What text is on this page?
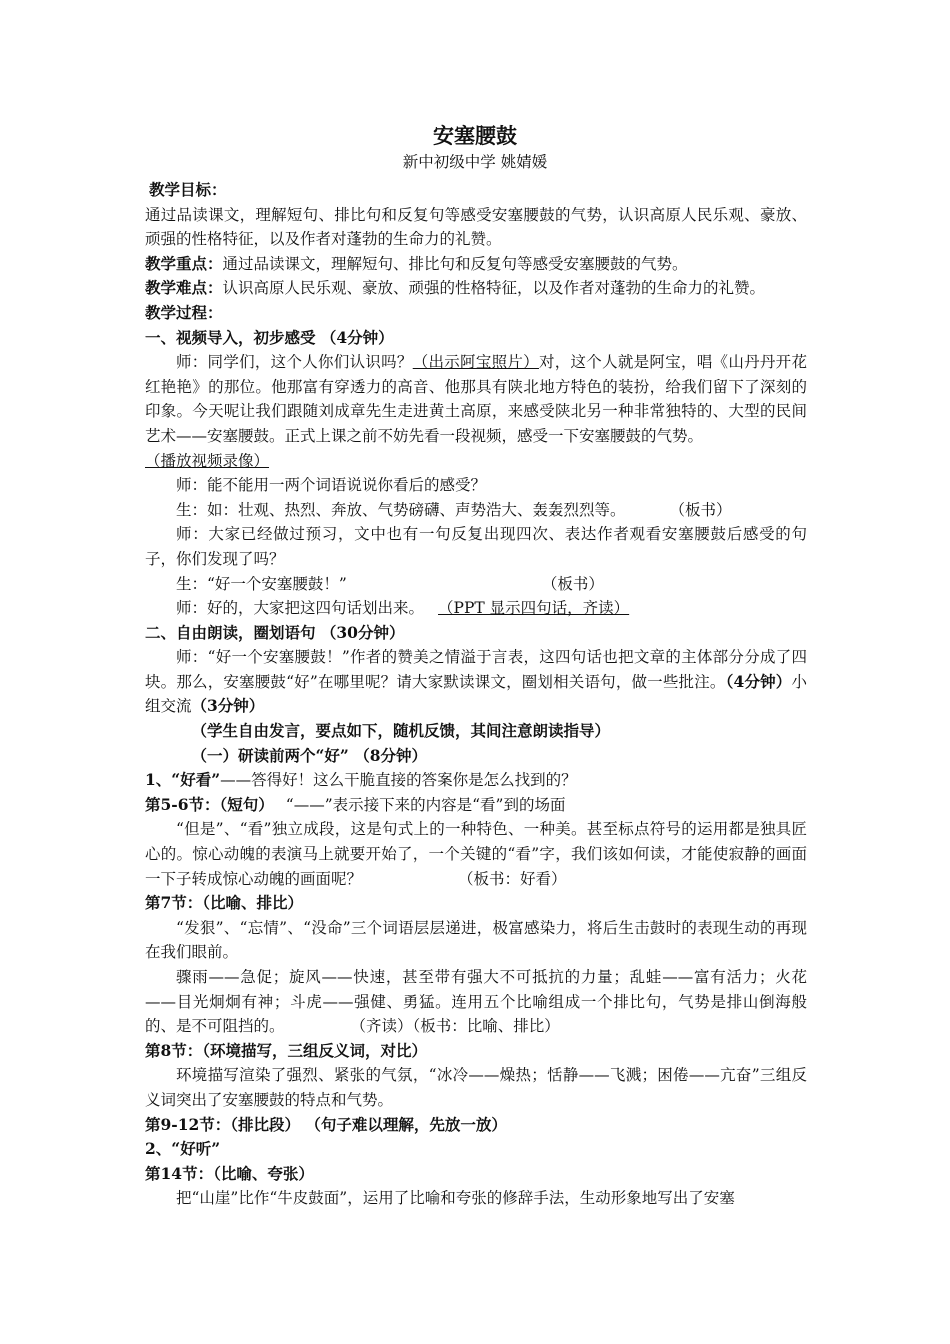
安塞腰鼓
新中初级中学 姚婧媛

教学目标：

通过品读课文，理解短句、排比句和反复句等感受安塞腰鼓的气势，认识高原人民乐观、豪放、顽强的性格特征，以及作者对蓬勃的生命力的礼赞。

教学重点：通过品读课文，理解短句、排比句和反复句等感受安塞腰鼓的气势。

教学难点：认识高原人民乐观、豪放、顽强的性格特征，以及作者对蓬勃的生命力的礼赞。

教学过程：

一、视频导入，初步感受 （4分钟）

师：同学们，这个人你们认识吗？（出示阿宝照片）对，这个人就是阿宝，唱《山丹丹开花红艳艳》的那位。他那富有穿透力的高音、他那具有陕北地方特色的装扮，给我们留下了深刻的印象。今天呢让我们跟随刘成章先生走进黄土高原，来感受陕北另一种非常独特的、大型的民间艺术——安塞腰鼓。正式上课之前不妨先看一段视频，感受一下安塞腰鼓的气势。
（播放视频录像）

师：能不能用一两个词语说说你看后的感受？

生：如：壮观、热烈、奔放、气势磅礴、声势浩大、轰轰烈烈等。	（板书）

师：大家已经做过预习，文中也有一句反复出现四次、表达作者观看安塞腰鼓后感受的句子，你们发现了吗？

生：“好一个安塞腰鼓！”	（板书）

师：好的，大家把这四句话划出来。 （PPT 显示四句话，齐读）

二、自由朗读，圈划语句 （30分钟）

师：“好一个安塞腰鼓！”作者的赞美之情溢于言表，这四句话也把文章的主体部分分成了四块。那么，安塞腰鼓“好”在哪里呢？请大家默读课文，圈划相关语句，做一些批注。（4分钟）小组交流（3分钟）

（学生自由发言，要点如下，随机反馈，其间注意朗读指导）

（一）研读前两个“好” （8分钟）

1、“好看”——答得好！这么干脆直接的答案你是怎么找到的？

第5-6节：（短句） “——”表示接下来的内容是“看”到的场面

“但是”、“看”独立成段，这是句式上的一种特色、一种美。甚至标点符号的运用都是独具匠心的。惊心动魄的表演马上就要开始了，一个关键的“看”字，我们该如何读，才能使寂静的画面一下子转成惊心动魄的画面呢？	（板书：好看）

第7节：（比喻、排比）

“发狠”、“忘情”、“没命”三个词语层层递进，极富感染力，将后生击鼓时的表现生动的再现在我们眼前。

骤雨——急促；旋风——快速，甚至带有强大不可抵抗的力量；乱蛙——富有活力；火花——目光炯炯有神；斗虎——强健、勇猛。连用五个比喻组成一个排比句，气势是排山倒海般的、是不可阻挡的。	（齐读）（板书：比喻、排比）

第8节：（环境描写，三组反义词，对比）

环境描写渲染了强烈、紧张的气氛，“冰冷——燥热；恬静——飞溅；困倦——亢奋”三组反义词突出了安塞腰鼓的特点和气势。

第9-12节：（排比段） （句子难以理解，先放一放）

2、“好听”

第14节：（比喻、夸张）

把“山崖”比作“牛皮鼓面”，运用了比喻和夸张的修辞手法，生动形象地写出了安塞
